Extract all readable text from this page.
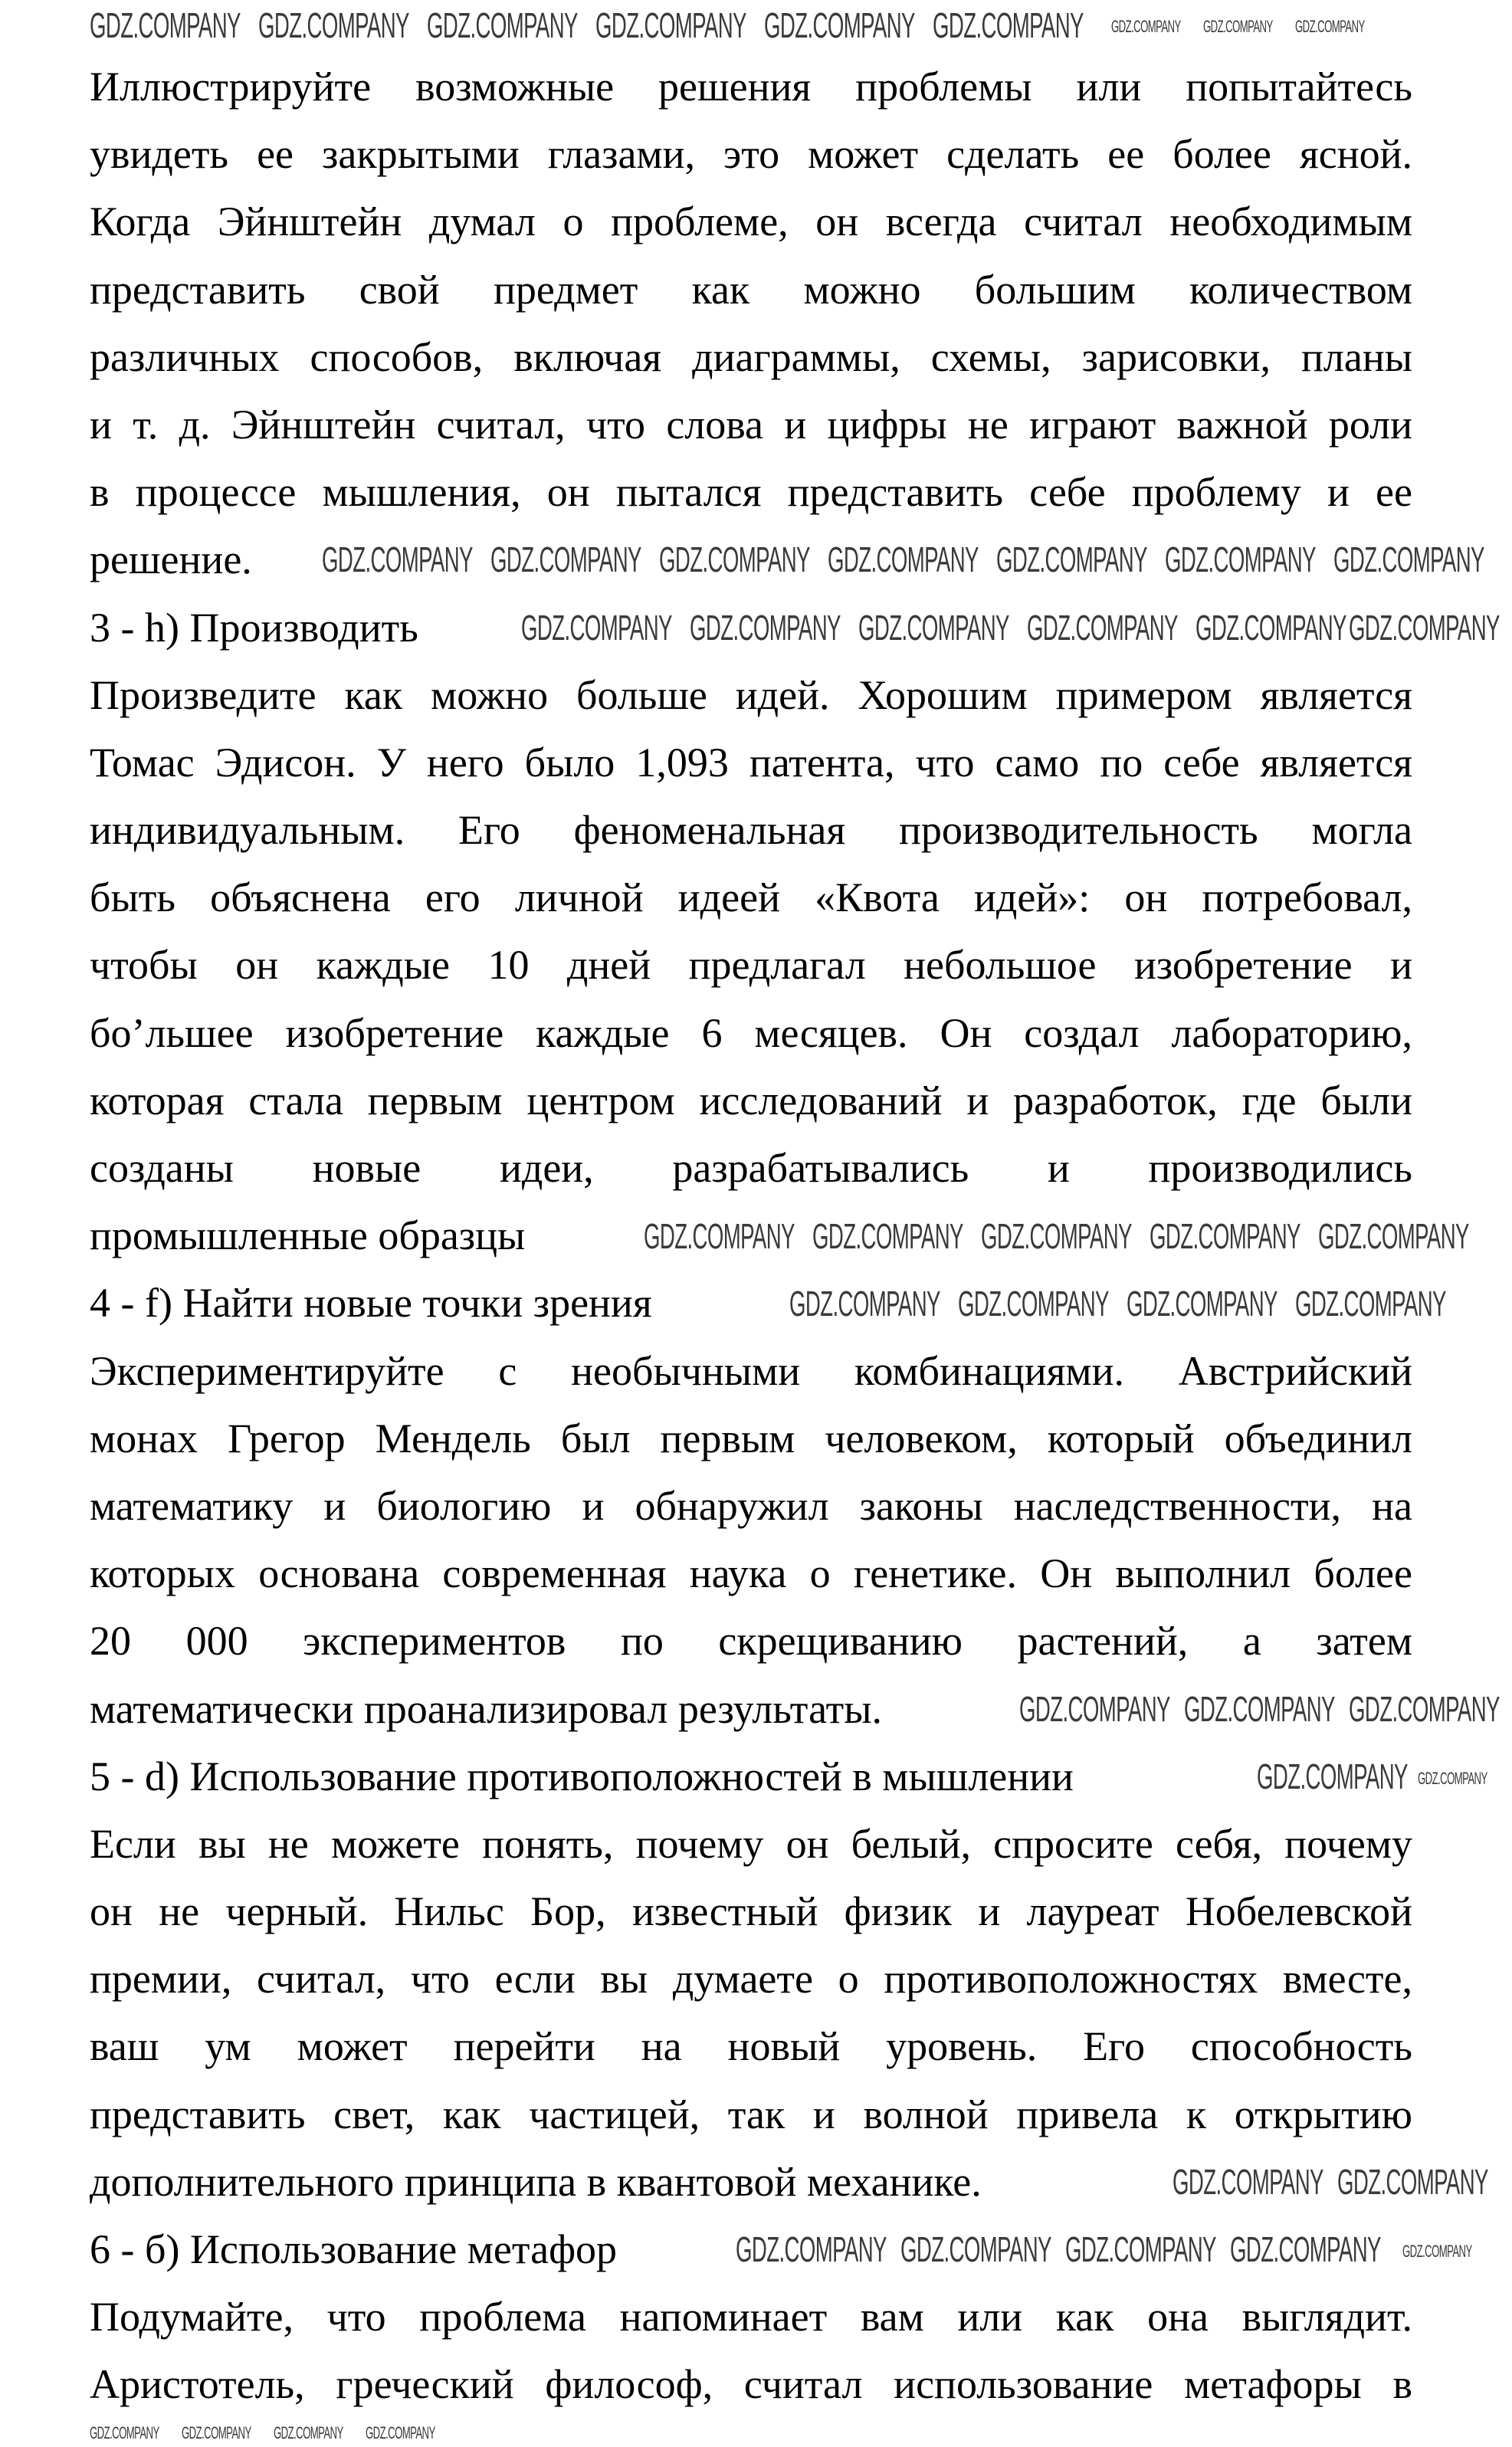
Иллюстрируйте возможные решения проблемы или попытайтесь
увидеть ее закрытыми глазами, это может сделать ее более ясной.
Когда Эйнштейн думал о проблеме, он всегда считал необходимым
представить свой предмет как можно большим количеством
различных способов, включая диаграммы, схемы, зарисовки, планы
и т. д. Эйнштейн считал, что слова и цифры не играют важной роли
в процессе мышления, он пытался представить себе проблему и ее
решение.
3 - h) Производить
Произведите как можно больше идей. Хорошим примером является
Томас Эдисон. У него было 1,093 патента, что само по себе является
индивидуальным. Его феноменальная производительность могла
быть объяснена его личной идеей «Квота идей»: он потребовал,
чтобы он каждые 10 дней предлагал небольшое изобретение и
бо’льшее изобретение каждые 6 месяцев. Он создал лабораторию,
которая стала первым центром исследований и разработок, где были
созданы новые идеи, разрабатывались и производились
промышленные образцы
4 - f) Найти новые точки зрения
Экспериментируйте с необычными комбинациями. Австрийский
монах Грегор Мендель был первым человеком, который объединил
математику и биологию и обнаружил законы наследственности, на
которых основана современная наука о генетике. Он выполнил более
20 000 экспериментов по скрещиванию растений, а затем
математически проанализировал результаты.
5 - d) Использование противоположностей в мышлении
Если вы не можете понять, почему он белый, спросите себя, почему
он не черный. Нильс Бор, известный физик и лауреат Нобелевской
премии, считал, что если вы думаете о противоположностях вместе,
ваш ум может перейти на новый уровень. Его способность
представить свет, как частицей, так и волной привела к открытию
дополнительного принципа в квантовой механике.
6 - б) Использование метафор
Подумайте, что проблема напоминает вам или как она выглядит.
Аристотель, греческий философ, считал использование метафоры в
GDZ.COMPANY GDZ.COMPANY GDZ.COMPANY GDZ.COMPANY GDZ.COMPANY GDZ.COMPANY GDZ.COMPANY GDZ.COMPANY GDZ.COMPANY
GDZ.COMPANY GDZ.COMPANY GDZ.COMPANY GDZ.COMPANY GDZ.COMPANY GDZ.COMPANY GDZ.COMPANY
GDZ.COMPANY GDZ.COMPANY GDZ.COMPANY GDZ.COMPANY GDZ.COMPANY GDZ.COMPANY
GDZ.COMPANY GDZ.COMPANY GDZ.COMPANY GDZ.COMPANY GDZ.COMPANY
GDZ.COMPANY GDZ.COMPANY GDZ.COMPANY GDZ.COMPANY
GDZ.COMPANY GDZ.COMPANY GDZ.COMPANY
GDZ.COMPANY GDZ.COMPANY
GDZ.COMPANY GDZ.COMPANY
GDZ.COMPANY GDZ.COMPANY GDZ.COMPANY GDZ.COMPANY GDZ.COMPANY
GDZ.COMPANY GDZ.COMPANY GDZ.COMPANY GDZ.COMPANY
